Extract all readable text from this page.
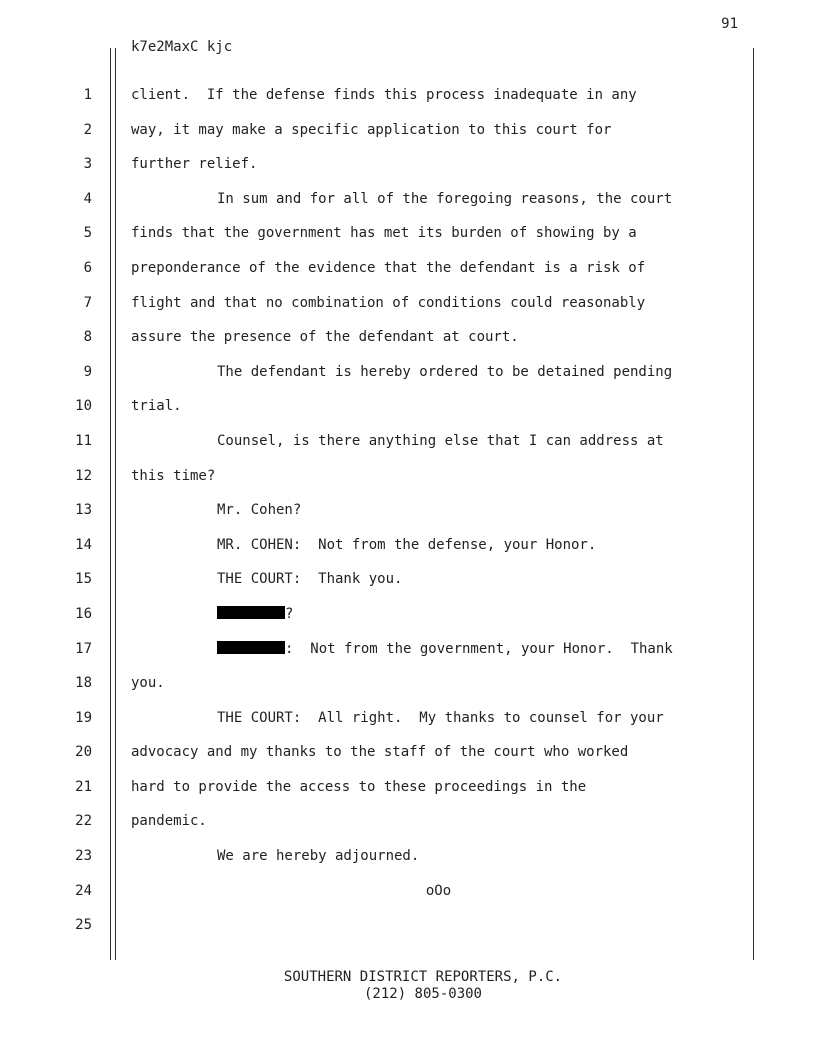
91
k7e2MaxC kjc
1
2
3
4
5
6
7
8
9
10
11
12
13
14
15
16
17
18
19
20
21
22
23
24
25
client.  If the defense finds this process inadequate in any
way, it may make a specific application to this court for
further relief.
In sum and for all of the foregoing reasons, the court
finds that the government has met its burden of showing by a
preponderance of the evidence that the defendant is a risk of
flight and that no combination of conditions could reasonably
assure the presence of the defendant at court.
The defendant is hereby ordered to be detained pending
trial.
Counsel, is there anything else that I can address at
this time?
Mr. Cohen?
MR. COHEN:  Not from the defense, your Honor.
THE COURT:  Thank you.
?
:  Not from the government, your Honor.  Thank
you.
THE COURT:  All right.  My thanks to counsel for your
advocacy and my thanks to the staff of the court who worked
hard to provide the access to these proceedings in the
pandemic.
We are hereby adjourned.
oOo
SOUTHERN DISTRICT REPORTERS, P.C.
(212) 805-0300
